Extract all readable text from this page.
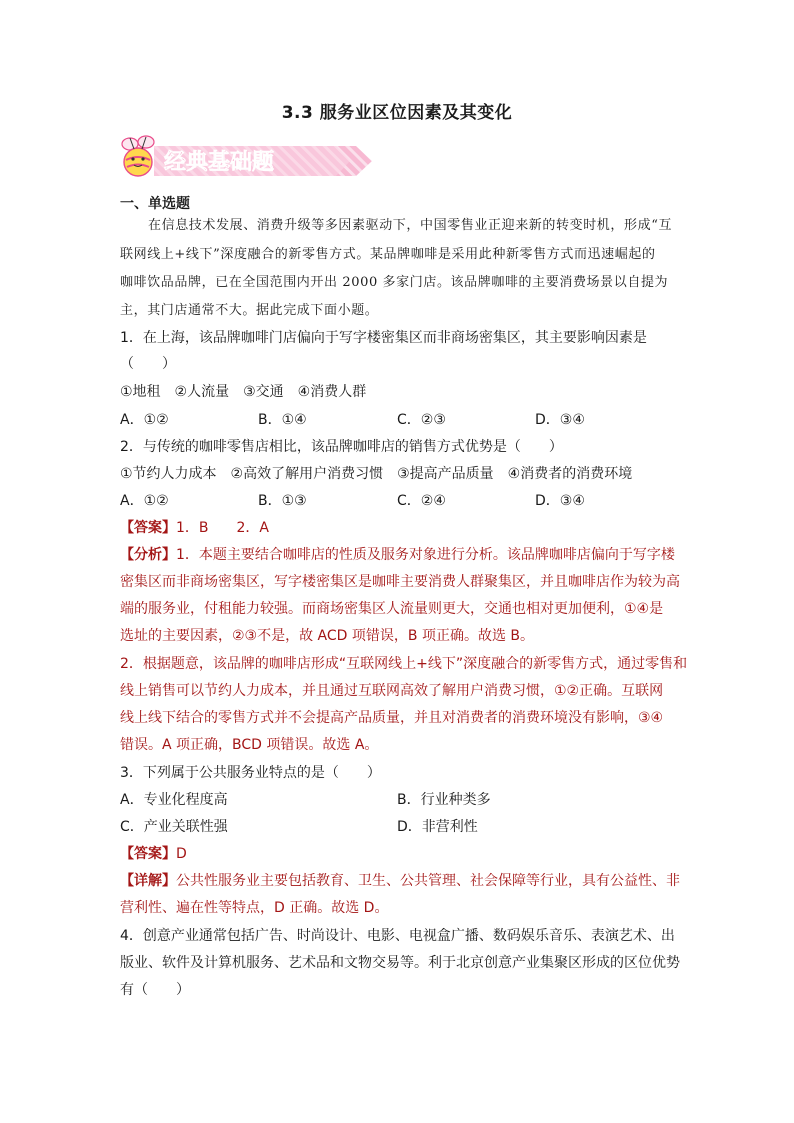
3.3 服务业区位因素及其变化
经典基础题
一、单选题
在信息技术发展、消费升级等多因素驱动下，中国零售业正迎来新的转变时机，形成“互
联网线上+线下”深度融合的新零售方式。某品牌咖啡是采用此种新零售方式而迅速崛起的
咖啡饮品品牌，已在全国范围内开出 2000 多家门店。该品牌咖啡的主要消费场景以自提为
主，其门店通常不大。据此完成下面小题。
1．在上海，该品牌咖啡门店偏向于写字楼密集区而非商场密集区，其主要影响因素是
（　　）
①地租　②人流量　③交通　④消费人群
A．①②	B．①④	C．②③	D．③④
2．与传统的咖啡零售店相比，该品牌咖啡店的销售方式优势是（　　）
①节约人力成本　②高效了解用户消费习惯　③提高产品质量　④消费者的消费环境
A．①②	B．①③	C．②④	D．③④
【答案】1．B　　2．A
【分析】1．本题主要结合咖啡店的性质及服务对象进行分析。该品牌咖啡店偏向于写字楼
密集区而非商场密集区，写字楼密集区是咖啡主要消费人群聚集区，并且咖啡店作为较为高
端的服务业，付租能力较强。而商场密集区人流量则更大，交通也相对更加便利，①④是
选址的主要因素，②③不是，故 ACD 项错误，B 项正确。故选 B。
2．根据题意，该品牌的咖啡店形成“互联网线上+线下”深度融合的新零售方式，通过零售和
线上销售可以节约人力成本，并且通过互联网高效了解用户消费习惯，①②正确。互联网
线上线下结合的零售方式并不会提高产品质量，并且对消费者的消费环境没有影响，③④
错误。A 项正确，BCD 项错误。故选 A。
3．下列属于公共服务业特点的是（　　）
A．专业化程度高	B．行业种类多
C．产业关联性强	D．非营利性
【答案】D
【详解】公共性服务业主要包括教育、卫生、公共管理、社会保障等行业，具有公益性、非
营利性、遍在性等特点，D 正确。故选 D。
4．创意产业通常包括广告、时尚设计、电影、电视盒广播、数码娱乐音乐、表演艺术、出
版业、软件及计算机服务、艺术品和文物交易等。利于北京创意产业集聚区形成的区位优势
有（　　）
